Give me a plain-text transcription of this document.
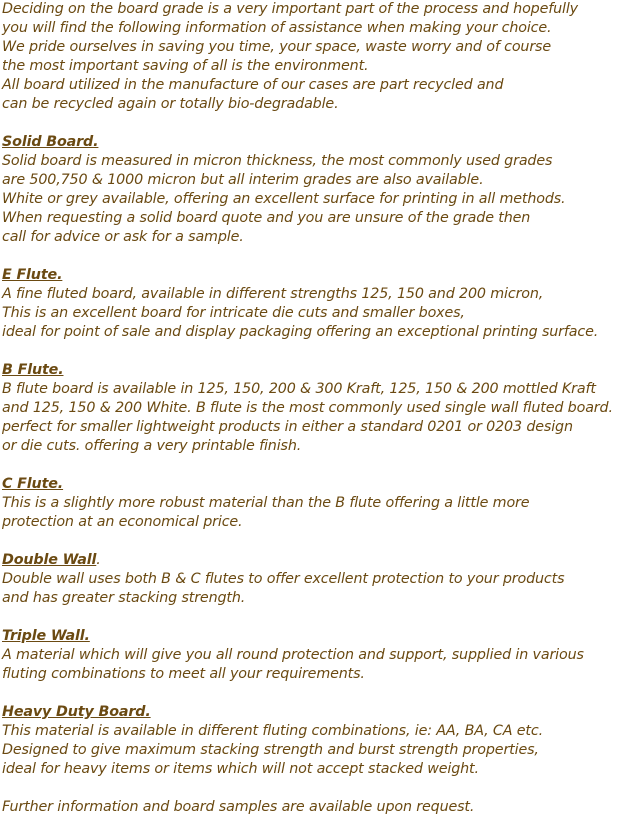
Deciding on the board grade is a very important part of the process and hopefully
you will find the following information of assistance when making your choice.
We pride ourselves in saving you time, your space, waste worry and of course
the most important saving of all is the environment.
All board utilized in the manufacture of our cases are part recycled and
can be recycled again or totally bio-degradable.
Solid Board.
Solid board is measured in micron thickness, the most commonly used grades
are 500,750 & 1000 micron but all interim grades are also available.
White or grey available, offering an excellent surface for printing in all methods.
When requesting a solid board quote and you are unsure of the grade then
call for advice or ask for a sample.
E Flute.
A fine fluted board, available in different strengths 125, 150 and 200 micron,
This is an excellent board for intricate die cuts and smaller boxes,
ideal for point of sale and display packaging offering an exceptional printing surface.
B Flute.
B flute board is available in 125, 150, 200 & 300 Kraft, 125, 150 & 200 mottled Kraft
and 125, 150 & 200 White. B flute is the most commonly used single wall fluted board.
perfect for smaller lightweight products in either a standard 0201 or 0203 design
or die cuts. offering a very printable finish.
C Flute.
This is a slightly more robust material than the B flute offering a little more
protection at an economical price.
Double Wall.
Double wall uses both B & C flutes to offer excellent protection to your products
and has greater stacking strength.
Triple Wall.
A material which will give you all round protection and support, supplied in various
fluting combinations to meet all your requirements.
Heavy Duty Board.
This material is available in different fluting combinations, ie: AA, BA, CA etc.
Designed to give maximum stacking strength and burst strength properties,
ideal for heavy items or items which will not accept stacked weight.
Further information and board samples are available upon request.
